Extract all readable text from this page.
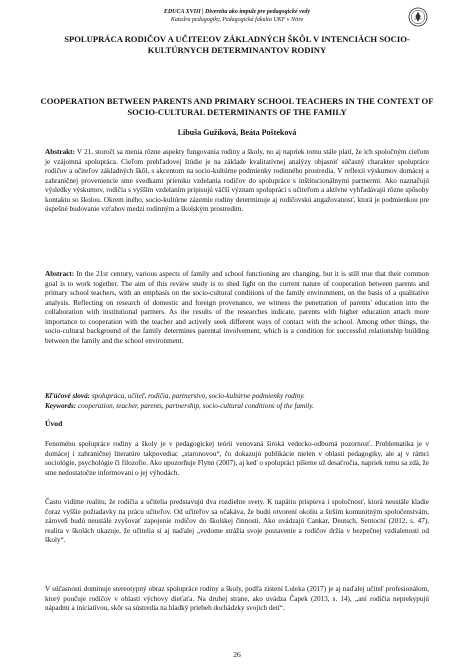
EDUCA XVIII | Diverzita ako impulz pre pedagogické vedy
Katedra pedagogiky, Pedagogická fakulta UKF v Nitre
SPOLUPRÁCA RODIČOV A UČITEĽOV ZÁKLADNÝCH ŠKÔL V INTENCIÁCH SOCIO-KULTÚRNYCH DETERMINANTOV RODINY
COOPERATION BETWEEN PARENTS AND PRIMARY SCHOOL TEACHERS IN THE CONTEXT OF SOCIO-CULTURAL DETERMINANTS OF THE FAMILY
Libuša Gužíková, Beáta Pošteková

Abstrakt: V 21. storočí sa menia rôzne aspekty fungovania rodiny a školy, no aj napriek tomu stále platí, že ich spoločným cieľom je vzájomná spolupráca. Cieľom prehľadovej štúdie je na základe kvalitatívnej analýzy objasniť súčasný charakter spolupráce rodičov a učiteľov základných škôl, s akcentom na socio-kultúrne podmienky rodinného prostredia. V reflexii výskumov domácej a zahraničnej proveniencie sme svedkami prieniku vzdelania rodičov do spolupráce s inštitucionálnymi partnermi. Ako naznačujú výsledky výskumov, rodičia s vyšším vzdelaním pripisujú väčší význam spolupráci s učiteľom a aktívne vyhľadávajú rôzne spôsoby kontaktu so školou. Okrem iného, socio-kultúrne zázemie rodiny determinuje aj rodičovskú angažovanosť, ktorá je podmienkou pre úspešné budovanie vzťahov medzi rodinným a školským prostredím.

Abstract: In the 21st century, various aspects of family and school functioning are changing, but it is still true that their common goal is to work together. The aim of this review study is to shed light on the current nature of cooperation between parents and primary school teachers, with an emphasis on the socio-cultural conditions of the family environment, on the basis of a qualitative analysis. Reflecting on research of domestic and foreign provenance, we witness the penetration of parents' education into the collaboration with institutional partners. As the results of the researches indicate, parents with higher education attach more importance to cooperation with the teacher and actively seek different ways of contact with the school. Among other things, the socio-cultural background of the family determines parental involvement, which is a condition for successful relationship building between the family and the school environment.

Kľúčové slová: spolupráca, učiteľ, rodičia, partnerstvo, socio-kultúrne podmienky rodiny.

Keywords: cooperation, teacher, parents, partnership, socio-cultural conditions of the family.

Úvod

Fenoménu spolupráce rodiny a školy je v pedagogickej teórii venovaná široká vedecko-odborná pozornosť. Problematika je v domácej i zahraničnej literatúre takpovediac „staronovou“, čo dokazujú publikácie nielen v oblasti pedagogiky, ale aj v rámci sociológie, psychológie či filozofie. Ako upozorňuje Flynn (2007), aj keď o spolupráci píšeme už desaťročia, napriek tomu sa zdá, že sme nedostatočne informovaní o jej výhodách.

Často vidíme realitu, že rodičia a učitelia predstavujú dva rozdielne svety. K napätiu prispieva i spoločnosť, ktorá neustále kladie čoraz vyššie požiadavky na prácu učiteľov. Od učiteľov sa očakáva, že budú otvorení okoliu a širším komunitným spoločenstvám, zároveň budú neustále zvyšovať zapojenie rodičov do školskej činnosti. Ako uvádzajú Cankar, Deutsch, Sentocní (2012, s. 47), realita v školách ukazuje, že učitelia si aj naďalej „vedome strážia svoje postavenie a rodičov držia v bezpečnej vzdialenosti od školy“.

V súčasnosti dominuje stereotypný obraz spolupráce rodiny a školy, podľa zistení Luleka (2017) je aj naďalej učiteľ profesionálom, ktorý poučuje rodičov v oblasti výchovy dieťaťa. Na druhej strane, ako uvádza Čapek (2013, s. 14), „ani rodičia neprekypujú nápadmi a iniciatívou, skôr sa sústredia na hladký priebeh dochádzky svojich detí“.

26
